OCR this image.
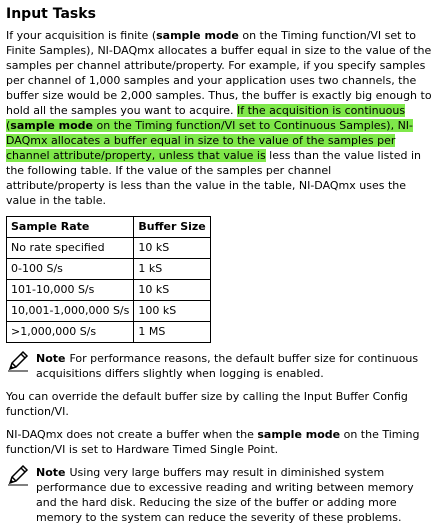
Input Tasks

If your acquisition is finite (sample mode on the Timing function/VI set to Finite Samples), NI-DAQmx allocates a buffer equal in size to the value of the samples per channel attribute/property. For example, if you specify samples per channel of 1,000 samples and your application uses two channels, the buffer size would be 2,000 samples. Thus, the buffer is exactly big enough to hold all the samples you want to acquire. If the acquisition is continuous (sample mode on the Timing function/VI set to Continuous Samples), NI-DAQmx allocates a buffer equal in size to the value of the samples per channel attribute/property, unless that value is less than the value listed in the following table. If the value of the samples per channel attribute/property is less than the value in the table, NI-DAQmx uses the value in the table.

Sample Rate	Buffer Size
No rate specified	10 kS
0-100 S/s	1 kS
101-10,000 S/s	10 kS
10,001-1,000,000 S/s	100 kS
>1,000,000 S/s	1 MS
Note For performance reasons, the default buffer size for continuous acquisitions differs slightly when logging is enabled.

You can override the default buffer size by calling the Input Buffer Config function/VI.

NI-DAQmx does not create a buffer when the sample mode on the Timing function/VI is set to Hardware Timed Single Point.

Note Using very large buffers may result in diminished system performance due to excessive reading and writing between memory and the hard disk. Reducing the size of the buffer or adding more memory to the system can reduce the severity of these problems.
